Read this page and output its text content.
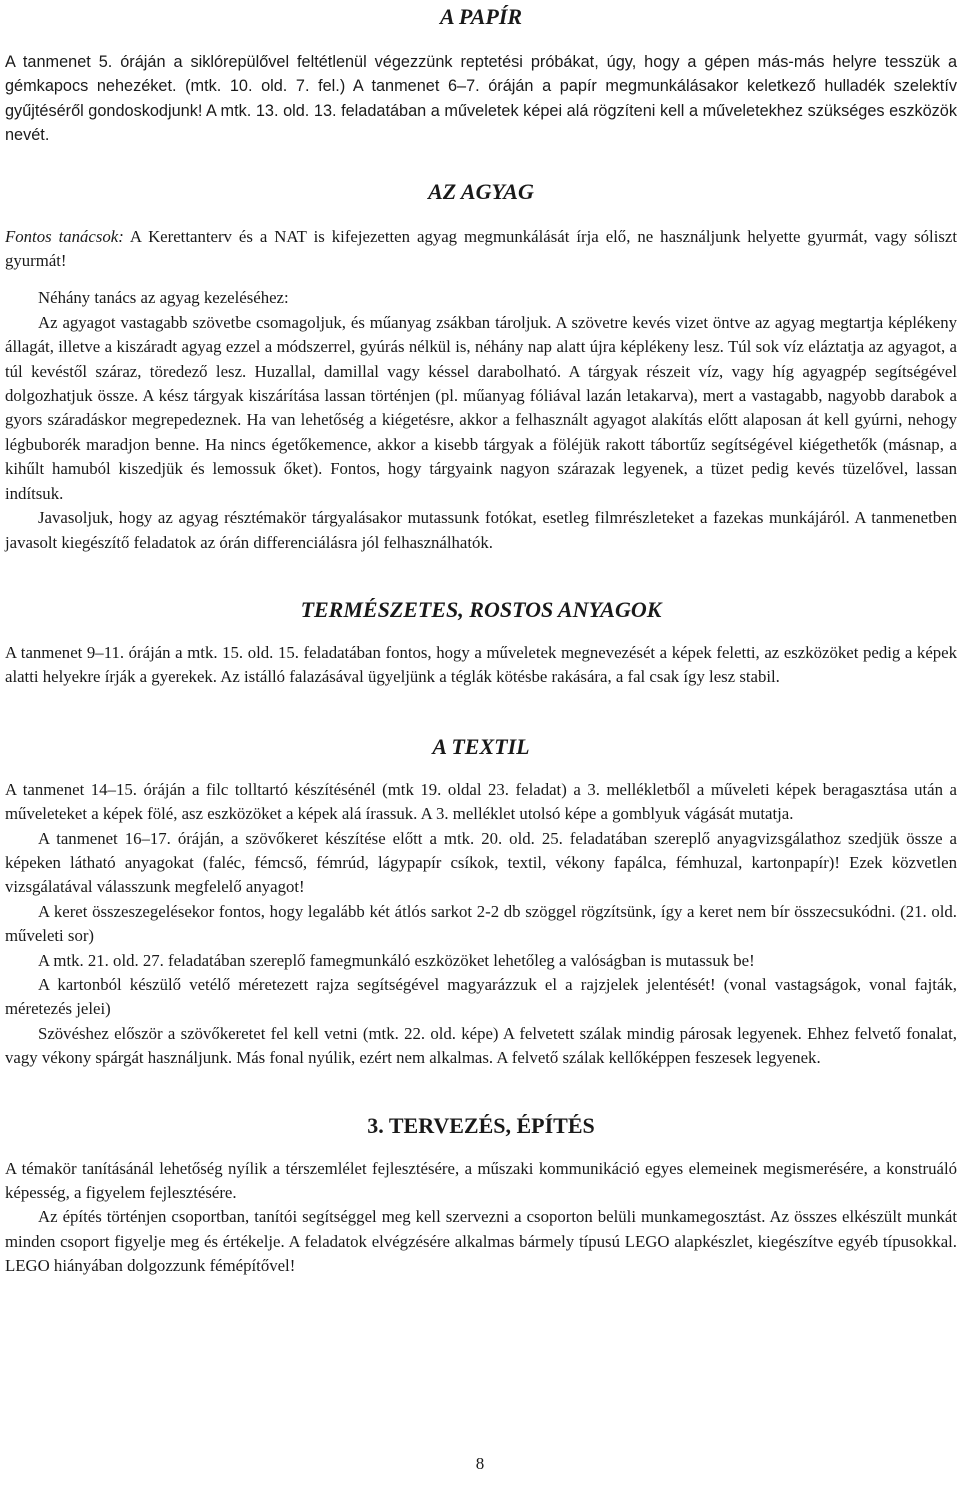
A PAPÍR

A tanmenet 5. óráján a siklórepülővel feltétlenül végezzünk reptetési próbákat, úgy, hogy a gépen más-más helyre tesszük a gémkapocs nehezéket. (mtk. 10. old. 7. fel.) A tanmenet 6–7. óráján a papír megmunkálásakor keletkező hulladék szelektív gyűjtéséről gondoskodjunk! A mtk. 13. old. 13. feladatában a műveletek képei alá rögzíteni kell a műveletekhez szükséges eszközök nevét.

AZ AGYAG

Fontos tanácsok: A Kerettanterv és a NAT is kifejezetten agyag megmunkálását írja elő, ne használjunk helyette gyurmát, vagy sóliszt gyurmát!

Néhány tanács az agyag kezeléséhez:

Az agyagot vastagabb szövetbe csomagoljuk, és műanyag zsákban tároljuk. A szövetre kevés vizet öntve az agyag megtartja képlékeny állagát, illetve a kiszáradt agyag ezzel a módszerrel, gyúrás nélkül is, néhány nap alatt újra képlékeny lesz. Túl sok víz eláztatja az agyagot, a túl kevéstől száraz, töredező lesz. Huzallal, damillal vagy késsel darabolható. A tárgyak részeit víz, vagy híg agyagpép segítségével dolgozhatjuk össze. A kész tárgyak kiszárítása lassan történjen (pl. műanyag fóliával lazán letakarva), mert a vastagabb, nagyobb darabok a gyors száradáskor megrepedeznek. Ha van lehetőség a kiégetésre, akkor a felhasznált agyagot alakítás előtt alaposan át kell gyúrni, nehogy légbuborék maradjon benne. Ha nincs égetőkemence, akkor a kisebb tárgyak a föléjük rakott tábortűz segítségével kiégethetők (másnap, a kihűlt hamuból kiszedjük és lemossuk őket). Fontos, hogy tárgyaink nagyon szárazak legyenek, a tüzet pedig kevés tüzelővel, lassan indítsuk.

Javasoljuk, hogy az agyag résztémakör tárgyalásakor mutassunk fotókat, esetleg filmrészleteket a fazekas munkájáról. A tanmenetben javasolt kiegészítő feladatok az órán differenciálásra jól felhasználhatók.

TERMÉSZETES, ROSTOS ANYAGOK

A tanmenet 9–11. óráján a mtk. 15. old. 15. feladatában fontos, hogy a műveletek megnevezését a képek feletti, az eszközöket pedig a képek alatti helyekre írják a gyerekek. Az istálló falazásával ügyeljünk a téglák kötésbe rakására, a fal csak így lesz stabil.

A TEXTIL

A tanmenet 14–15. óráján a filc tolltartó készítésénél (mtk 19. oldal 23. feladat) a 3. mellékletből a műveleti képek beragasztása után a műveleteket a képek fölé, asz eszközöket a képek alá írassuk. A 3. melléklet utolsó képe a gomblyuk vágását mutatja.

A tanmenet 16–17. óráján, a szövőkeret készítése előtt a mtk. 20. old. 25. feladatában szereplő anyagvizsgálathoz szedjük össze a képeken látható anyagokat (faléc, fémcső, fémrúd, lágypapír csíkok, textil, vékony fapálca, fémhuzal, kartonpapír)! Ezek közvetlen vizsgálatával válasszunk megfelelő anyagot!

A keret összeszegelésekor fontos, hogy legalább két átlós sarkot 2-2 db szöggel rögzítsünk, így a keret nem bír összecsukódni. (21. old. műveleti sor)

A mtk. 21. old. 27. feladatában szereplő famegmunkáló eszközöket lehetőleg a valóságban is mutassuk be!

A kartonból készülő vetélő méretezett rajza segítségével magyarázzuk el a rajzjelek jelentését! (vonal vastagságok, vonal fajták, méretezés jelei)

Szövéshez először a szövőkeretet fel kell vetni (mtk. 22. old. képe) A felvetett szálak mindig párosak legyenek. Ehhez felvető fonalat, vagy vékony spárgát használjunk. Más fonal nyúlik, ezért nem alkalmas. A felvető szálak kellőképpen feszesek legyenek.

3. TERVEZÉS, ÉPÍTÉS

A témakör tanításánál lehetőség nyílik a térszemlélet fejlesztésére, a műszaki kommunikáció egyes elemeinek megismerésére, a konstruáló képesség, a figyelem fejlesztésére.

Az építés történjen csoportban, tanítói segítséggel meg kell szervezni a csoporton belüli munkamegosztást. Az összes elkészült munkát minden csoport figyelje meg és értékelje. A feladatok elvégzésére alkalmas bármely típusú LEGO alapkészlet, kiegészítve egyéb típusokkal. LEGO hiányában dolgozzunk fémépítővel!

8
